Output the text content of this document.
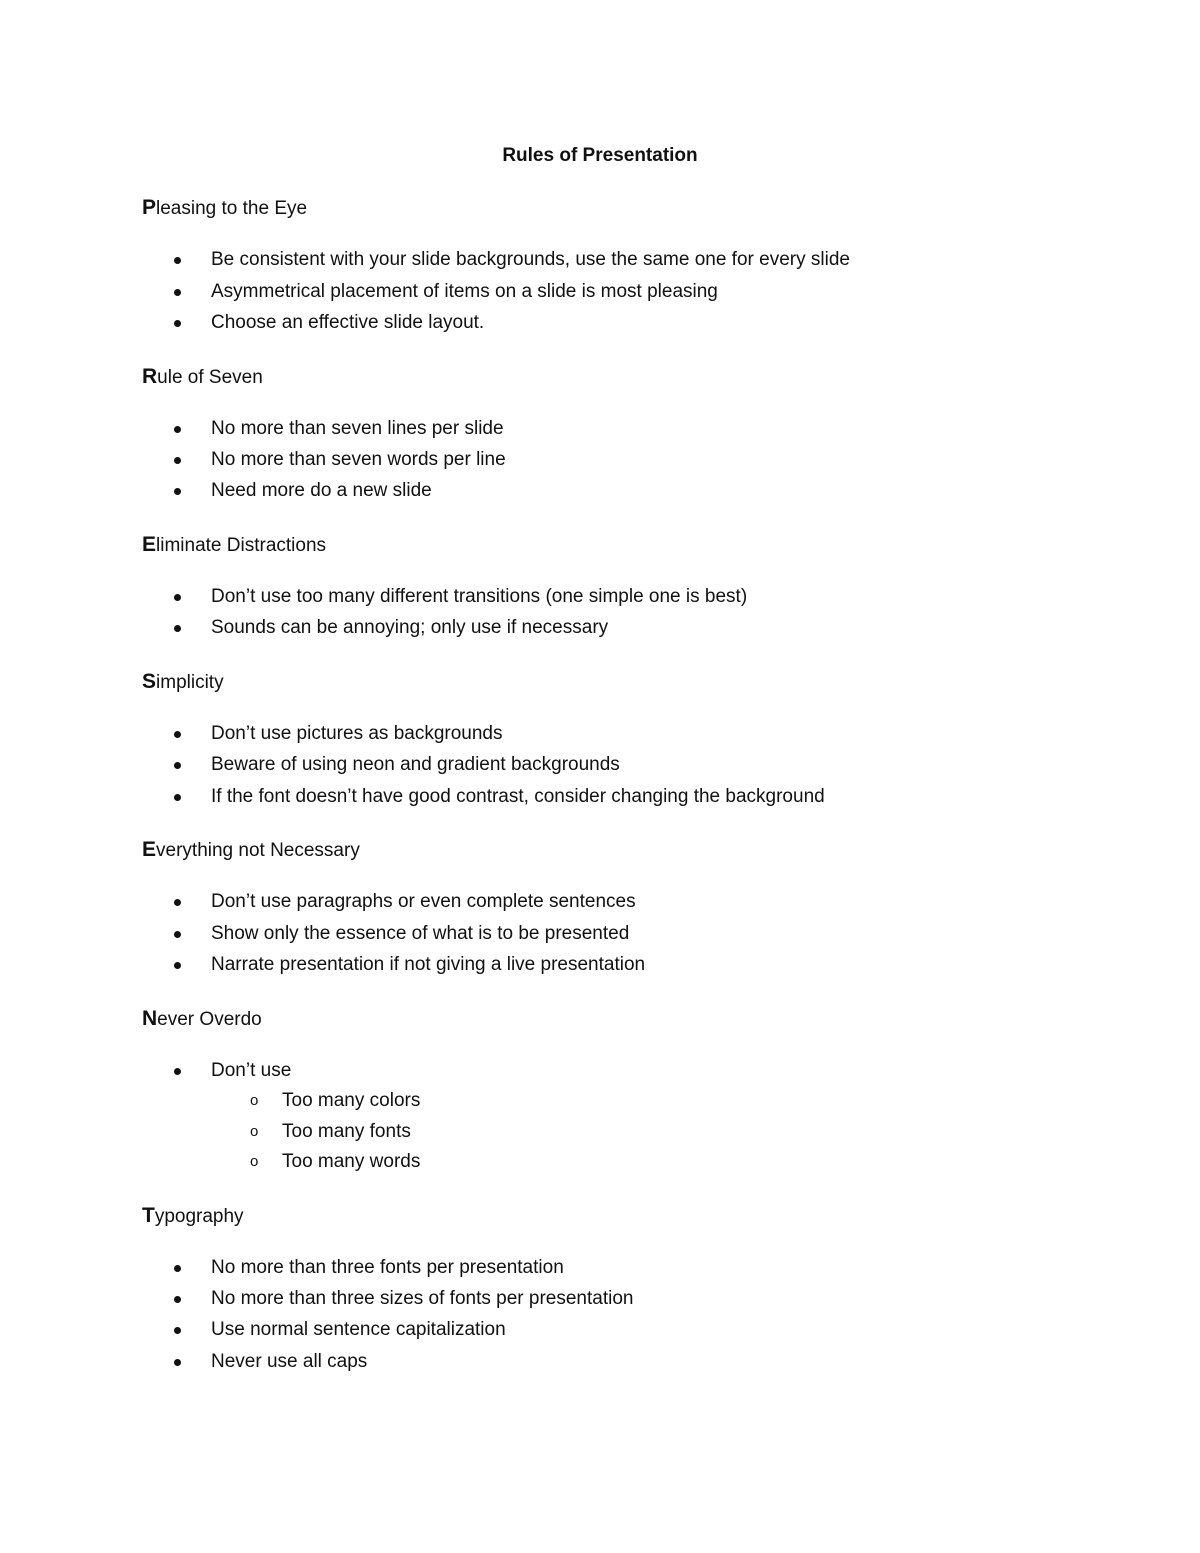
Rules of Presentation
Pleasing to the Eye
Be consistent with your slide backgrounds, use the same one for every slide
Asymmetrical placement of items on a slide is most pleasing
Choose an effective slide layout.
Rule of Seven
No more than seven lines per slide
No more than seven words per line
Need more do a new slide
Eliminate Distractions
Don’t use too many different transitions (one simple one is best)
Sounds can be annoying; only use if necessary
Simplicity
Don’t use pictures as backgrounds
Beware of using neon and gradient backgrounds
If the font doesn’t have good contrast, consider changing the background
Everything not Necessary
Don’t use paragraphs or even complete sentences
Show only the essence of what is to be presented
Narrate presentation if not giving a live presentation
Never Overdo
Don’t use
o Too many colors
o Too many fonts
o Too many words
Typography
No more than three fonts per presentation
No more than three sizes of fonts per presentation
Use normal sentence capitalization
Never use all caps
